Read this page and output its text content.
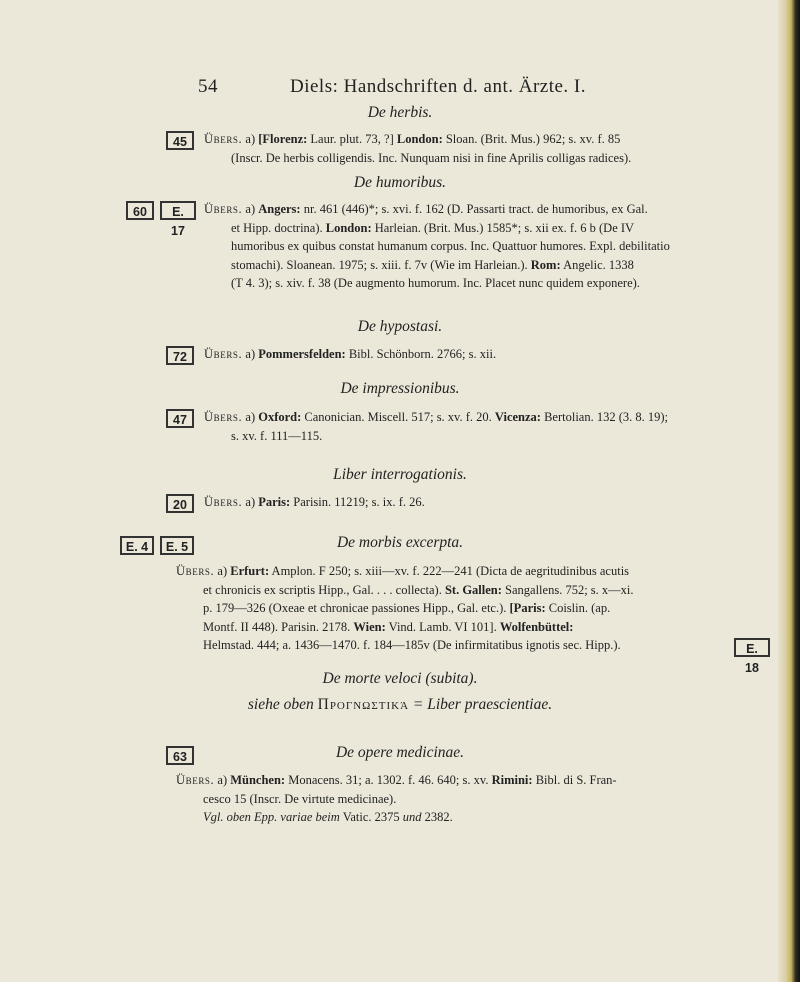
54	Diels: Handschriften d. ant. Ärzte. I.
De herbis.
45	Übers. a) [Florenz: Laur. plut. 73, ?] London: Sloan. (Brit. Mus.) 962; s. xv. f. 85
(Inscr. De herbis colligendis. Inc. Nunquam nisi in fine Aprilis colligas radices).
De humoribus.
60	E. 17
Übers. a) Angers: nr. 461 (446)*; s. xvi. f. 162 (D. Passarti tract. de humoribus, ex Gal.
et Hipp. doctrina). London: Harleian. (Brit. Mus.) 1585*; s. xii ex. f. 6 b (De IV
humoribus ex quibus constat humanum corpus. Inc. Quattuor humores. Expl. debilitatio
stomachi). Sloanean. 1975; s. xiii. f. 7v (Wie im Harleian.). Rom: Angelic. 1338
(T 4. 3); s. xiv. f. 38 (De augmento humorum. Inc. Placet nunc quidem exponere).
De hypostasi.
72	Übers. a) Pommersfelden: Bibl. Schönborn. 2766; s. xii.
De impressionibus.
47	Übers. a) Oxford: Canonician. Miscell. 517; s. xv. f. 20. Vicenza: Bertolian. 132 (3. 8. 19);
s. xv. f. 111—115.
Liber interrogationis.
20	Übers. a) Paris: Parisin. 11219; s. ix. f. 26.
E. 4	E. 5	De morbis excerpta.
Übers. a) Erfurt: Amplon. F 250; s. xiii—xv. f. 222—241 (Dicta de aegritudinibus acutis
et chronicis ex scriptis Hipp., Gal. . . . collecta). St. Gallen: Sangallens. 752; s. x—xi.
p. 179—326 (Oxeae et chronicae passiones Hipp., Gal. etc.). [Paris: Coislin. (ap.
Montf. II 448). Parisin. 2178. Wien: Vind. Lamb. VI 101]. Wolfenbüttel:
Helmstad. 444; a. 1436—1470. f. 184—185v (De infirmitatibus ignotis sec. Hipp.).	E. 18
De morte veloci (subita).
siehe oben Προγνωστικά = Liber praescientiae.
63	De opere medicinae.
Übers. a) München: Monacens. 31; a. 1302. f. 46. 640; s. xv. Rimini: Bibl. di S. Fran-
cesco 15 (Inscr. De virtute medicinae).
Vgl. oben Epp. variae beim Vatic. 2375 und 2382.
